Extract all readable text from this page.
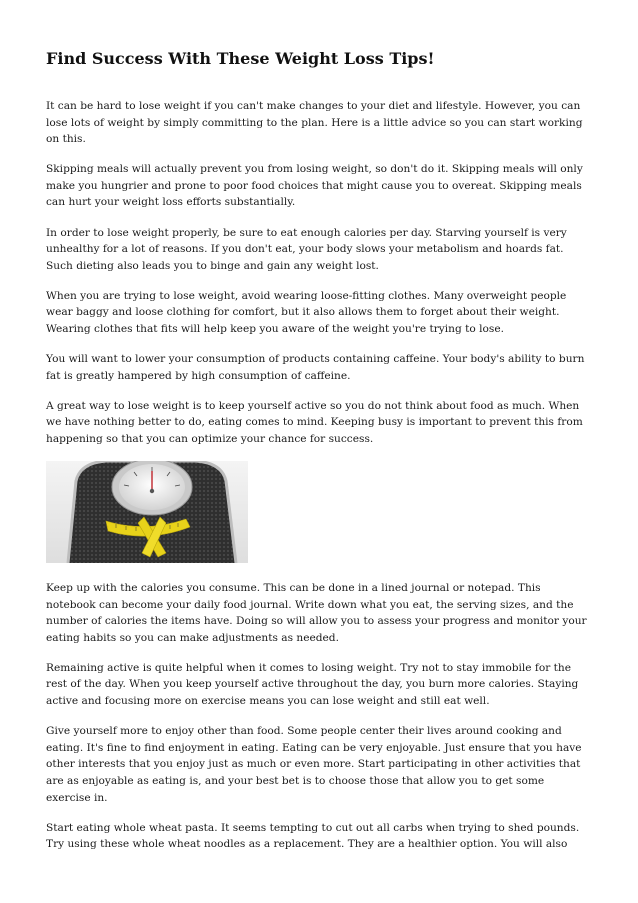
Find Success With These Weight Loss Tips!

It can be hard to lose weight if you can't make changes to your diet and lifestyle. However, you can lose lots of weight by simply committing to the plan. Here is a little advice so you can start working on this.

Skipping meals will actually prevent you from losing weight, so don't do it. Skipping meals will only make you hungrier and prone to poor food choices that might cause you to overeat. Skipping meals can hurt your weight loss efforts substantially.

In order to lose weight properly, be sure to eat enough calories per day. Starving yourself is very unhealthy for a lot of reasons. If you don't eat, your body slows your metabolism and hoards fat. Such dieting also leads you to binge and gain any weight lost.

When you are trying to lose weight, avoid wearing loose-fitting clothes. Many overweight people wear baggy and loose clothing for comfort, but it also allows them to forget about their weight. Wearing clothes that fits will help keep you aware of the weight you're trying to lose.

You will want to lower your consumption of products containing caffeine. Your body's ability to burn fat is greatly hampered by high consumption of caffeine.

A great way to lose weight is to keep yourself active so you do not think about food as much. When we have nothing better to do, eating comes to mind. Keeping busy is important to prevent this from happening so that you can optimize your chance for success.

Keep up with the calories you consume. This can be done in a lined journal or notepad. This notebook can become your daily food journal. Write down what you eat, the serving sizes, and the number of calories the items have. Doing so will allow you to assess your progress and monitor your eating habits so you can make adjustments as needed.

Remaining active is quite helpful when it comes to losing weight. Try not to stay immobile for the rest of the day. When you keep yourself active throughout the day, you burn more calories. Staying active and focusing more on exercise means you can lose weight and still eat well.

Give yourself more to enjoy other than food. Some people center their lives around cooking and eating. It's fine to find enjoyment in eating. Eating can be very enjoyable. Just ensure that you have other interests that you enjoy just as much or even more. Start participating in other activities that are as enjoyable as eating is, and your best bet is to choose those that allow you to get some exercise in.

Start eating whole wheat pasta. It seems tempting to cut out all carbs when trying to shed pounds. Try using these whole wheat noodles as a replacement. They are a healthier option. You will also
